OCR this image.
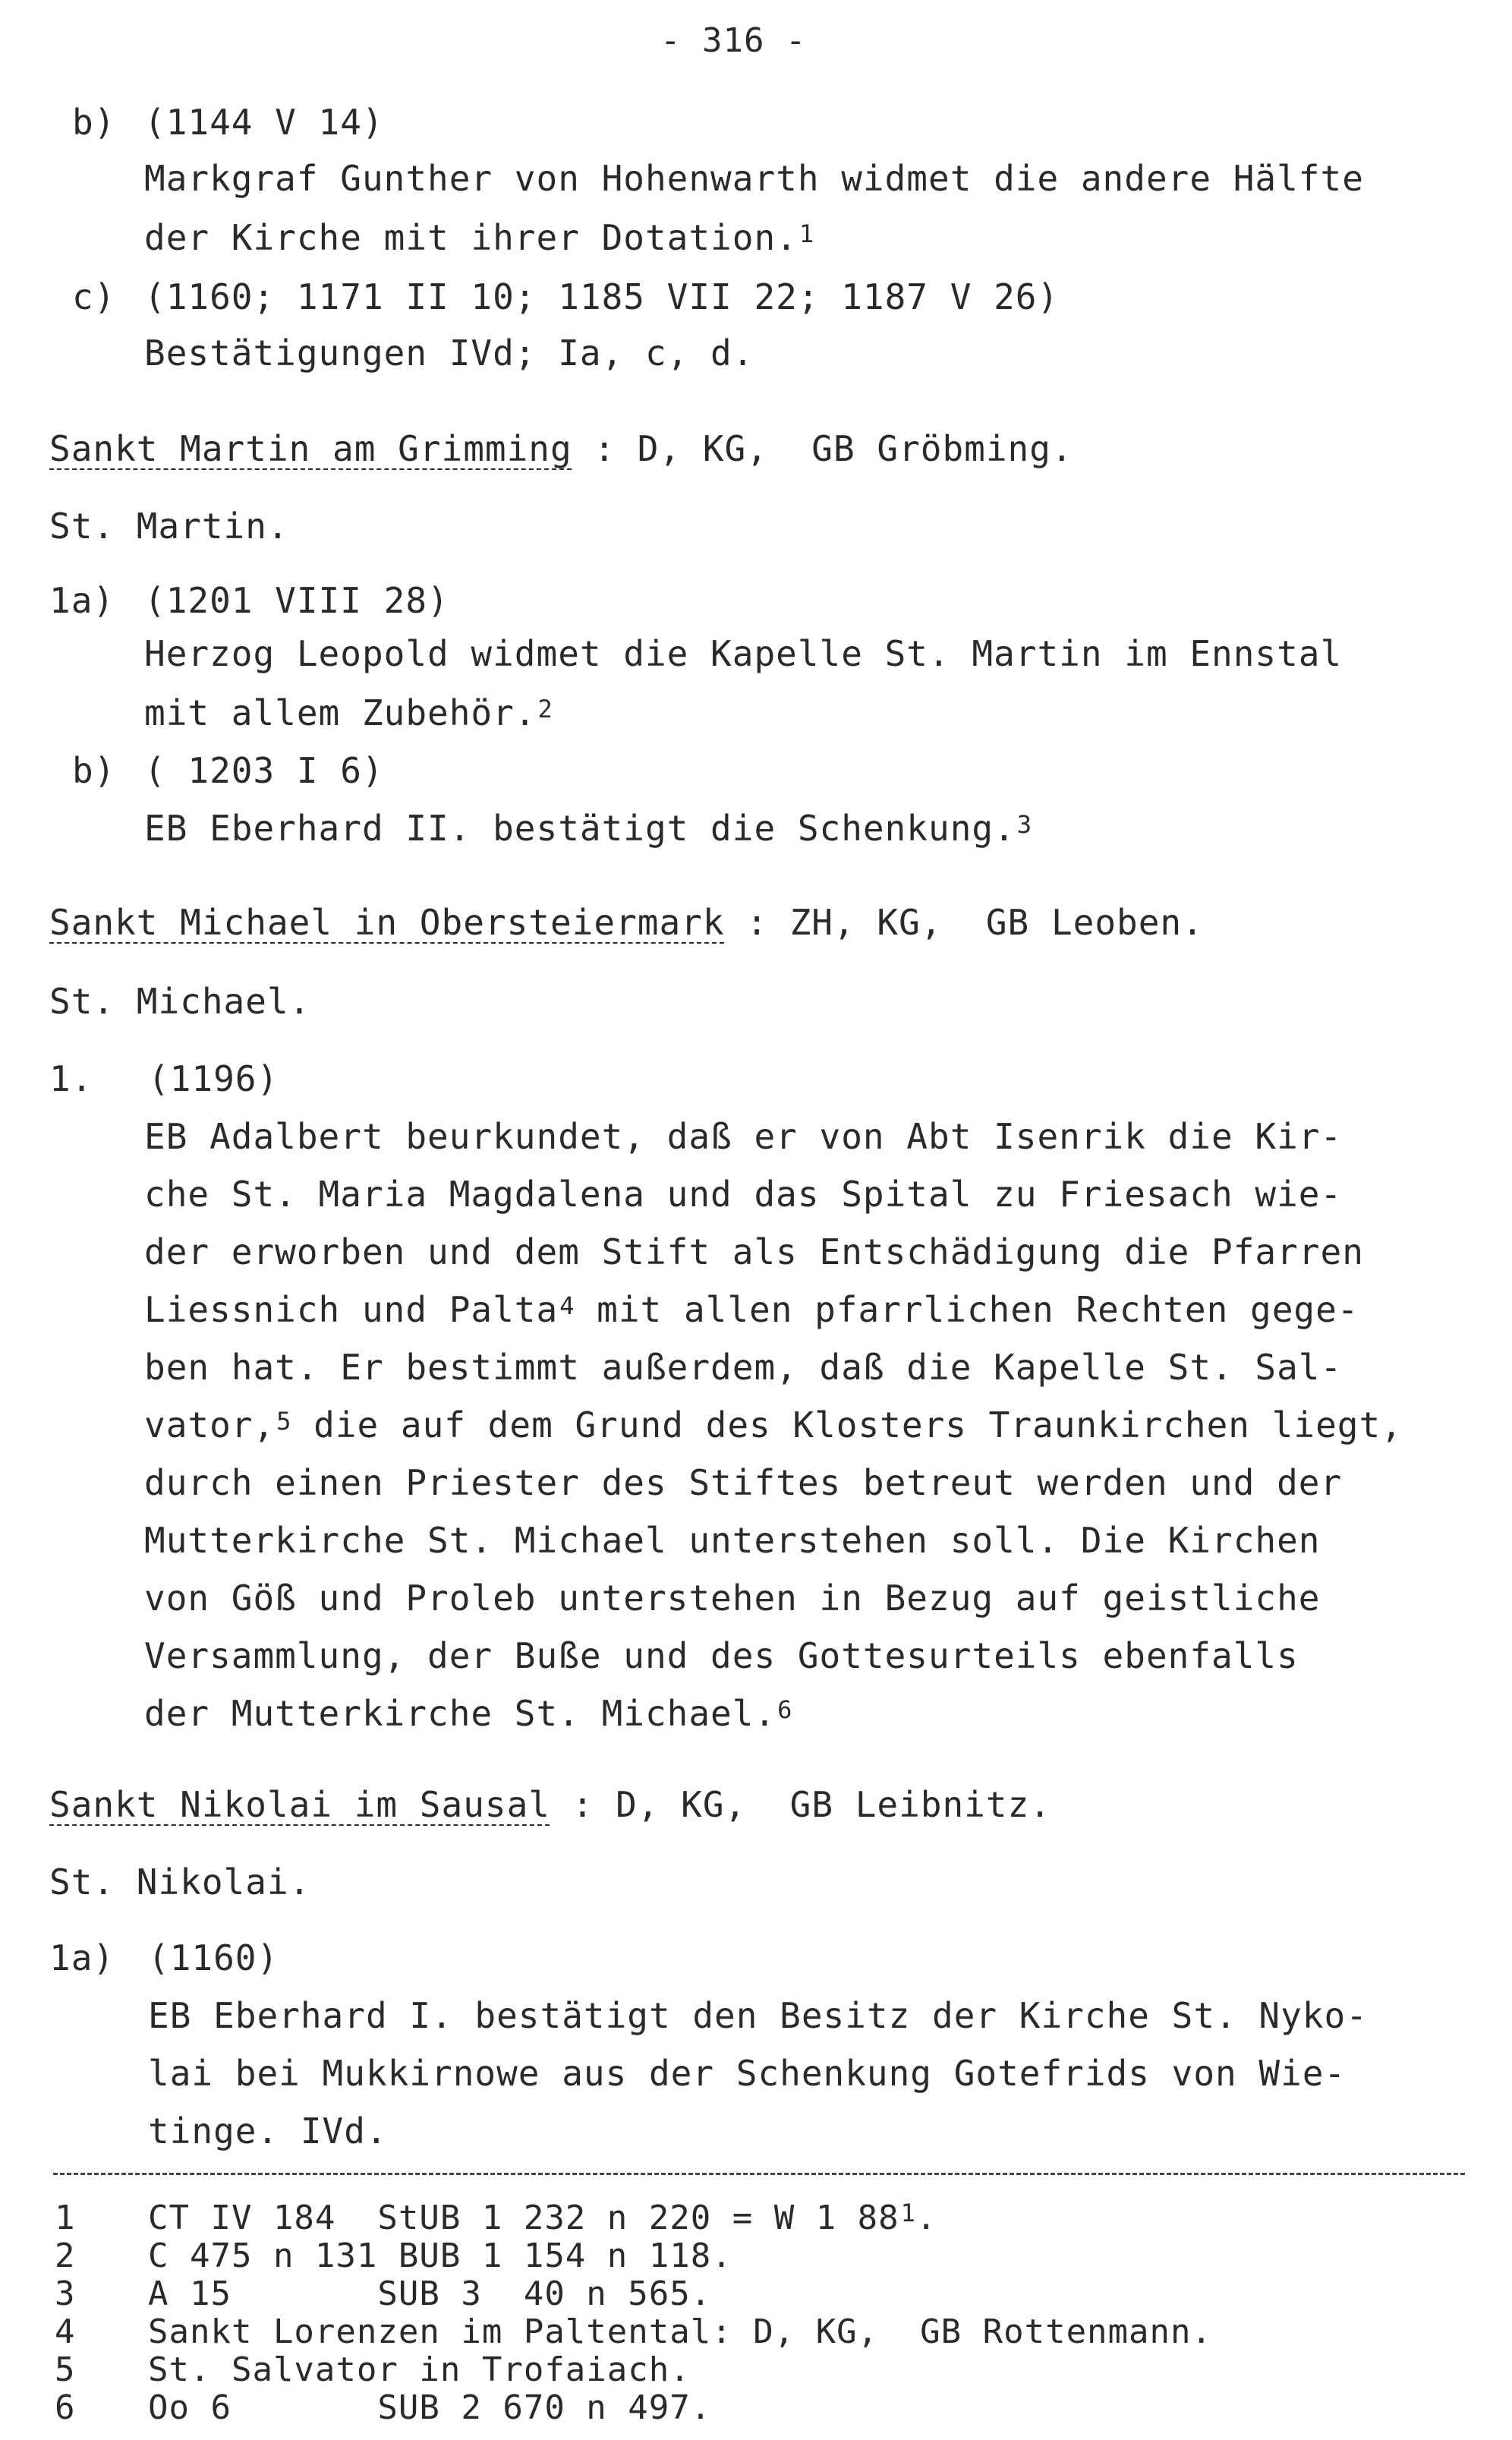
- 316 -
b) (1144 V 14)
Markgraf Gunther von Hohenwarth widmet die andere Hälfte
der Kirche mit ihrer Dotation.$^1$
c) (1160; 1171 II 10; 1185 VII 22; 1187 V 26)
Bestätigungen IVd; Ia, c, d.
Sankt Martin am Grimming : D, KG,  GB Gröbming.
St. Martin.
1a) (1201 VIII 28)
Herzog Leopold widmet die Kapelle St. Martin im Ennstal
mit allem Zubehör.$^2$
b) ( 1203 I 6)
EB Eberhard II. bestätigt die Schenkung.$^3$
Sankt Michael in Obersteiermark : ZH, KG,  GB Leoben.
St. Michael.
1. (1196)
EB Adalbert beurkundet, daß er von Abt Isenrik die Kir-
che St. Maria Magdalena und das Spital zu Friesach wie-
der erworben und dem Stift als Entschädigung die Pfarren
Liessnich und Palta$^4$ mit allen pfarrlichen Rechten gege-
ben hat. Er bestimmt außerdem, daß die Kapelle St. Sal-
vator,$^5$ die auf dem Grund des Klosters Traunkirchen liegt,
durch einen Priester des Stiftes betreut werden und der
Mutterkirche St. Michael unterstehen soll. Die Kirchen
von Göß und Proleb unterstehen in Bezug auf geistliche
Versammlung, der Buße und des Gottesurteils ebenfalls
der Mutterkirche St. Michael.$^6$
Sankt Nikolai im Sausal : D, KG,  GB Leibnitz.
St. Nikolai.
1a) (1160)
EB Eberhard I. bestätigt den Besitz der Kirche St. Nyko-
lai bei Mukkirnowe aus der Schenkung Gotefrids von Wie-
tinge. IVd.
1 CT IV 184  StUB 1 232 n 220 = W 1 $88^1$.
2 C 475 n 131 BUB 1 154 n 118.
3 A 15       SUB 3  40 n 565.
4 Sankt Lorenzen im Paltental: D, KG,  GB Rottenmann.
5 St. Salvator in Trofaiach.
6 Oo 6       SUB 2 670 n 497.
